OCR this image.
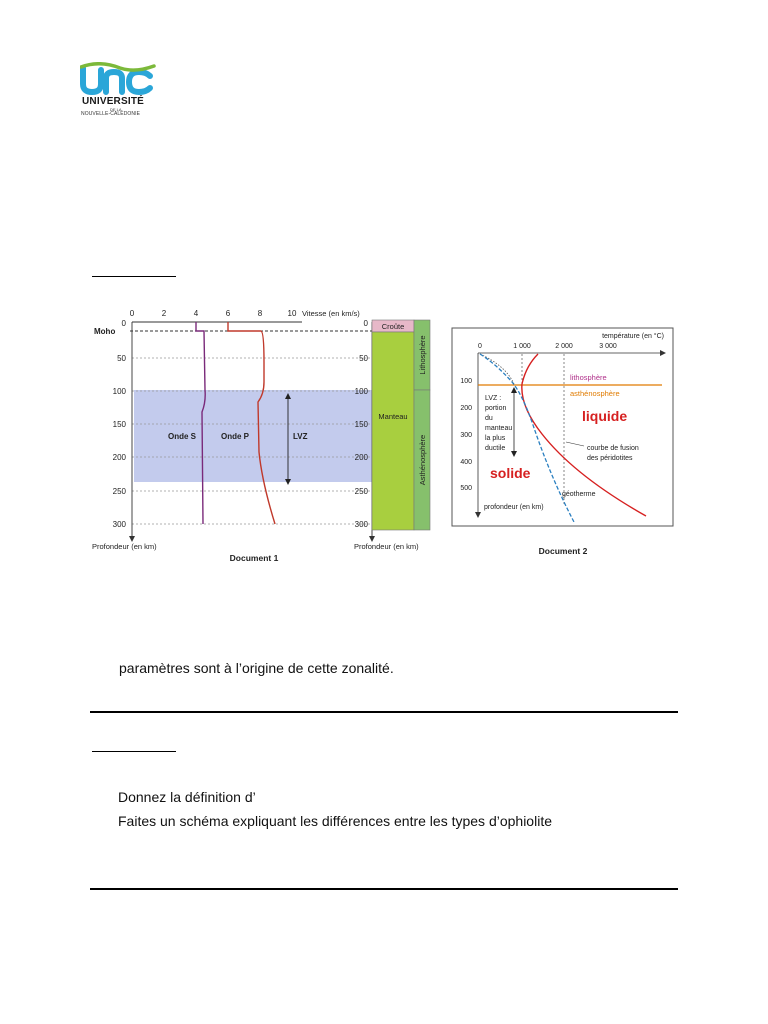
UNIVERSITÉ
DE LA
NOUVELLE-CALÉDONIE
0	2	4	6	8	10 Vitesse (en km/s)
0
50
100
150
200
250
300
Moho
0
50
100
150
200
250
300
Onde S	Onde P	LVZ
Croûte
Manteau
Lithosphère
Asthénosphère
Profondeur (en km)	Profondeur (en km)
Document 1
température (en °C)
0	1 000	2 000	3 000
100
200
300
400
500
lithosphère
asthénosphère
LVZ :
portion
du
manteau
la plus
ductile
liquide
solide
courbe de fusion
des péridotites
géotherme
profondeur (en km)
Document 2
paramètres sont à l’origine de cette zonalité.
Donnez la définition d’
Faites un schéma expliquant les différences entre les types d’ophiolite
